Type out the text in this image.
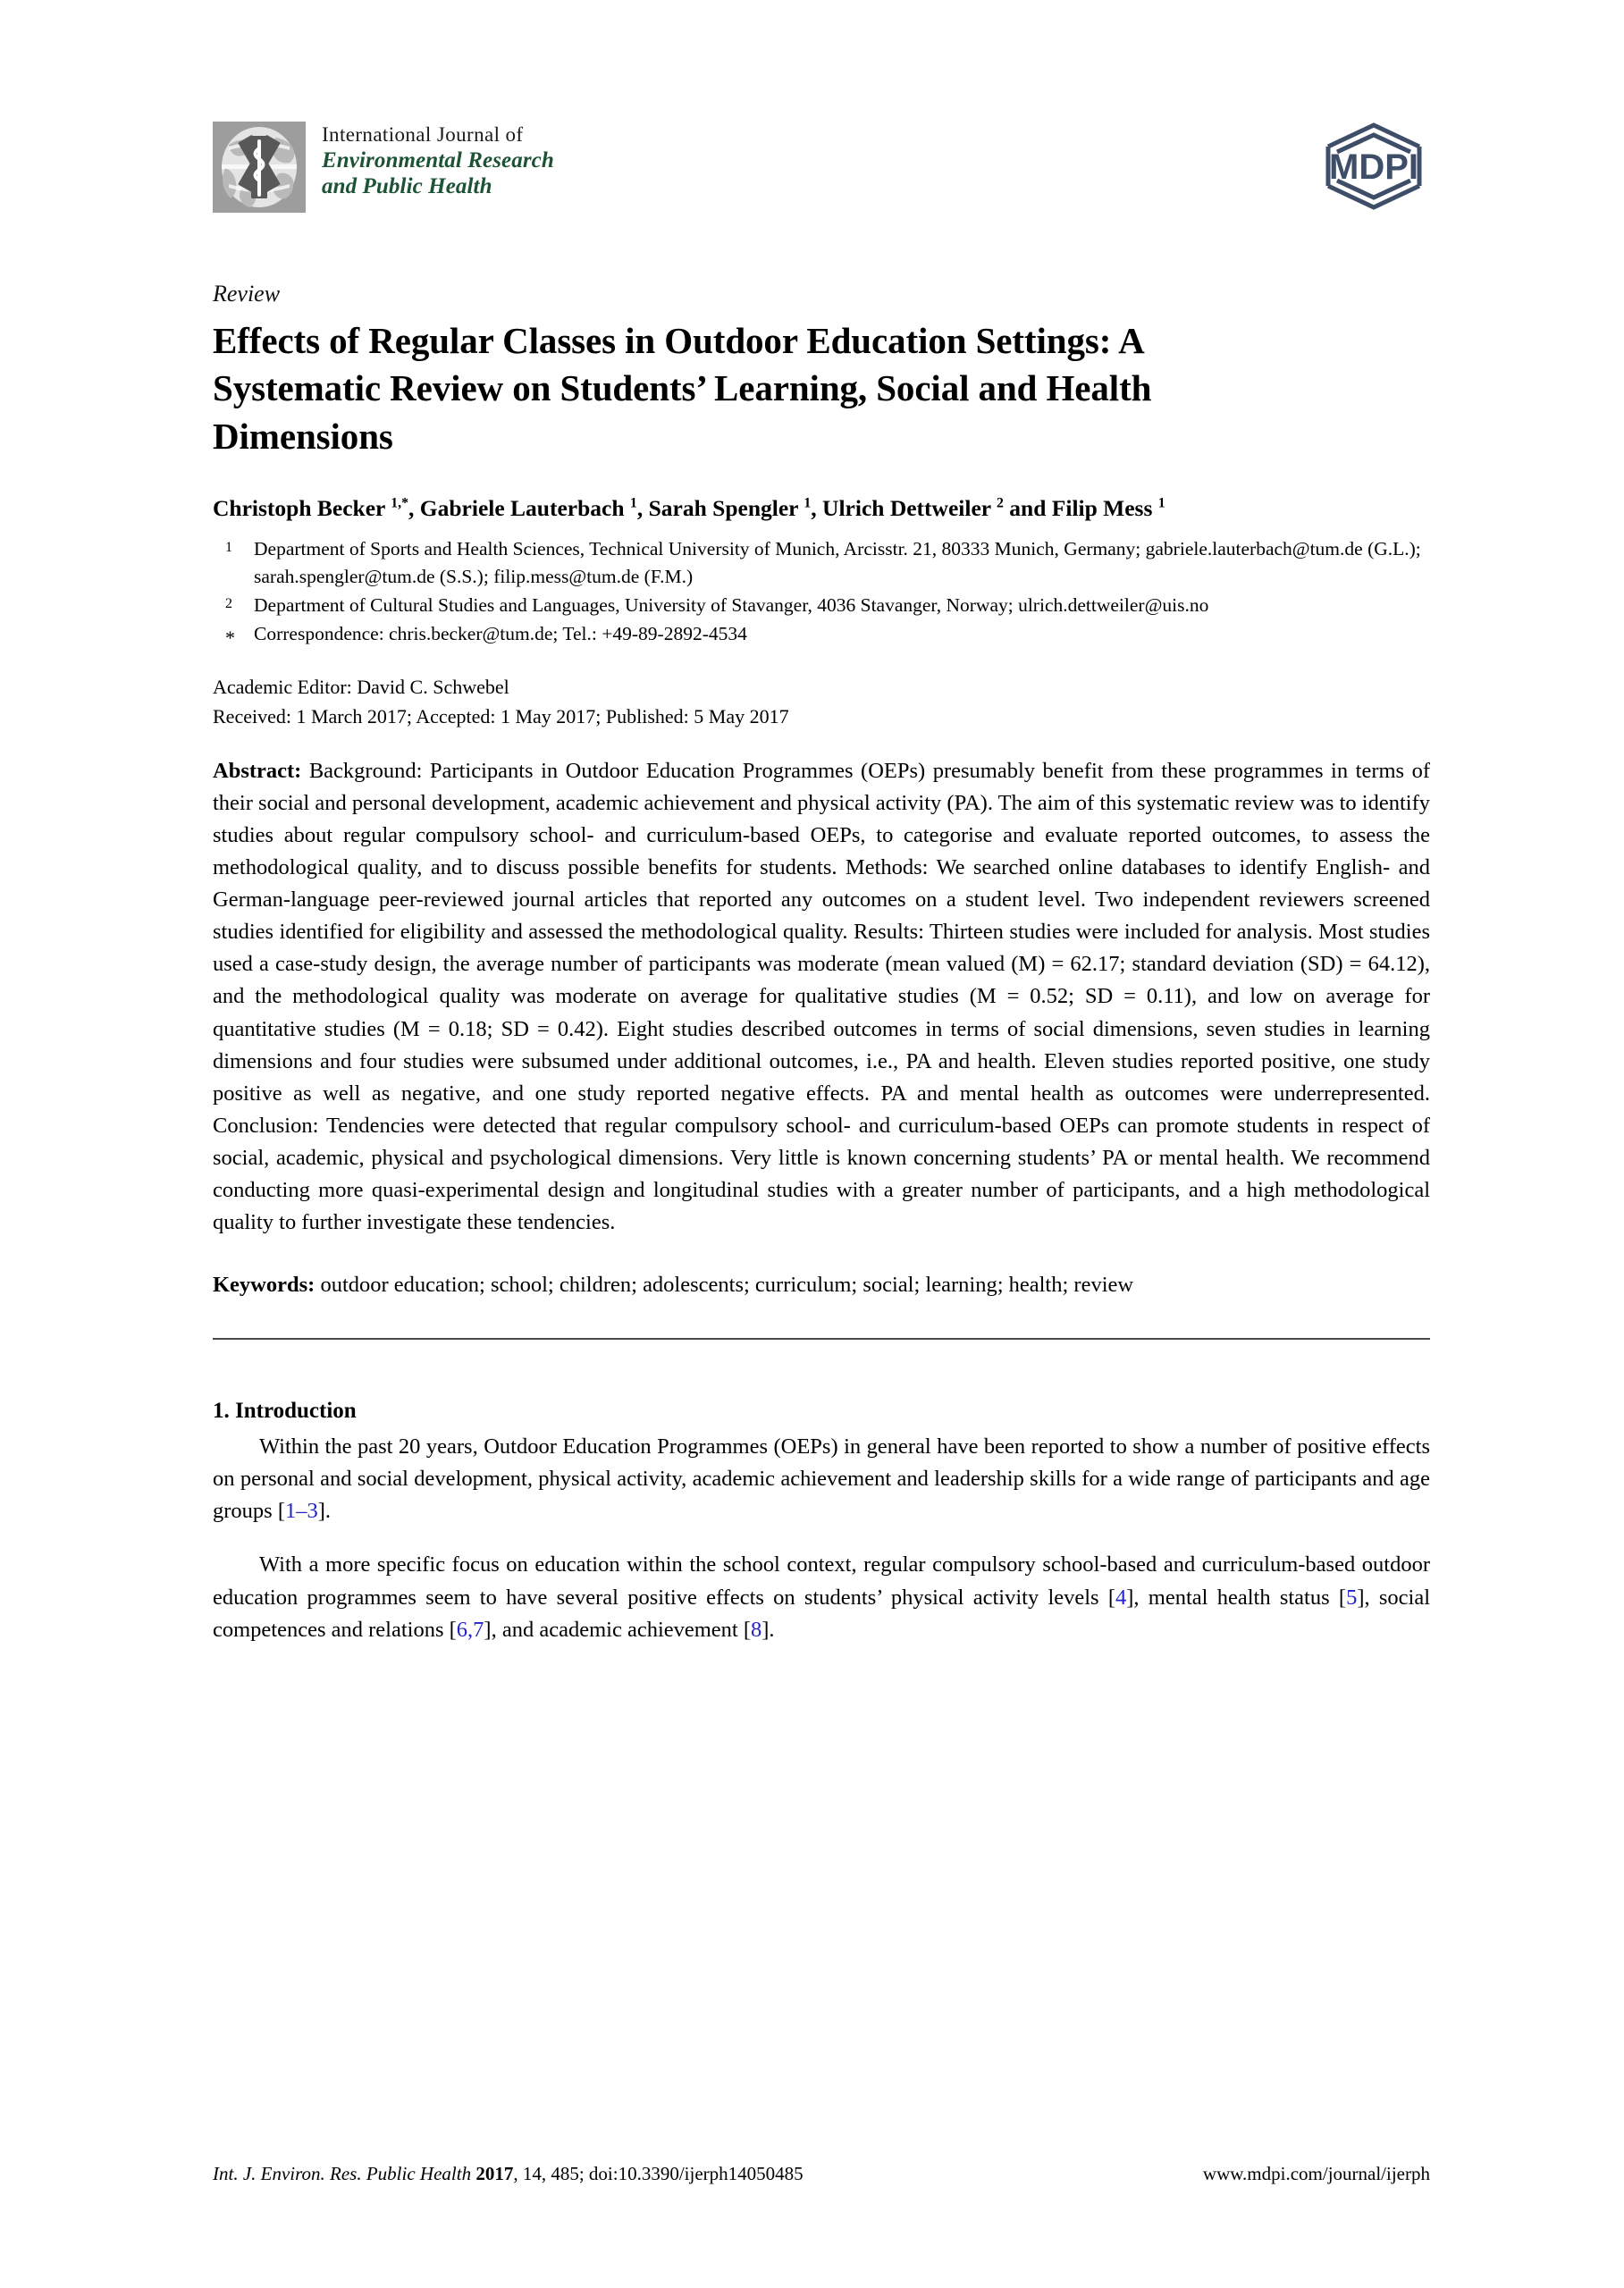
International Journal of
Environmental Research
and Public Health	MDPI
Review
Effects of Regular Classes in Outdoor Education Settings: A Systematic Review on Students’ Learning, Social and Health Dimensions
Christoph Becker $^{1,*}$, Gabriele Lauterbach $^1$, Sarah Spengler $^1$, Ulrich Dettweiler $^2$ and Filip Mess $^1$
1	Department of Sports and Health Sciences, Technical University of Munich, Arcisstr. 21, 80333 Munich, Germany; gabriele.lauterbach@tum.de (G.L.); sarah.spengler@tum.de (S.S.); filip.mess@tum.de (F.M.)
2	Department of Cultural Studies and Languages, University of Stavanger, 4036 Stavanger, Norway; ulrich.dettweiler@uis.no
* Correspondence: chris.becker@tum.de; Tel.: +49-89-2892-4534
Academic Editor: David C. Schwebel
Received: 1 March 2017; Accepted: 1 May 2017; Published: 5 May 2017
Abstract: Background: Participants in Outdoor Education Programmes (OEPs) presumably benefit from these programmes in terms of their social and personal development, academic achievement and physical activity (PA). The aim of this systematic review was to identify studies about regular compulsory school- and curriculum-based OEPs, to categorise and evaluate reported outcomes, to assess the methodological quality, and to discuss possible benefits for students. Methods: We searched online databases to identify English- and German-language peer-reviewed journal articles that reported any outcomes on a student level. Two independent reviewers screened studies identified for eligibility and assessed the methodological quality. Results: Thirteen studies were included for analysis. Most studies used a case-study design, the average number of participants was moderate (mean valued (M) = 62.17; standard deviation (SD) = 64.12), and the methodological quality was moderate on average for qualitative studies (M = 0.52; SD = 0.11), and low on average for quantitative studies (M = 0.18; SD = 0.42). Eight studies described outcomes in terms of social dimensions, seven studies in learning dimensions and four studies were subsumed under additional outcomes, i.e., PA and health. Eleven studies reported positive, one study positive as well as negative, and one study reported negative effects. PA and mental health as outcomes were underrepresented. Conclusion: Tendencies were detected that regular compulsory school- and curriculum-based OEPs can promote students in respect of social, academic, physical and psychological dimensions. Very little is known concerning students’ PA or mental health. We recommend conducting more quasi-experimental design and longitudinal studies with a greater number of participants, and a high methodological quality to further investigate these tendencies.
Keywords: outdoor education; school; children; adolescents; curriculum; social; learning; health; review
1. Introduction

Within the past 20 years, Outdoor Education Programmes (OEPs) in general have been reported to show a number of positive effects on personal and social development, physical activity, academic achievement and leadership skills for a wide range of participants and age groups [1–3].

With a more specific focus on education within the school context, regular compulsory school-based and curriculum-based outdoor education programmes seem to have several positive effects on students’ physical activity levels [4], mental health status [5], social competences and relations [6,7], and academic achievement [8].

Int. J. Environ. Res. Public Health 2017, 14, 485; doi:10.3390/ijerph14050485	www.mdpi.com/journal/ijerph
